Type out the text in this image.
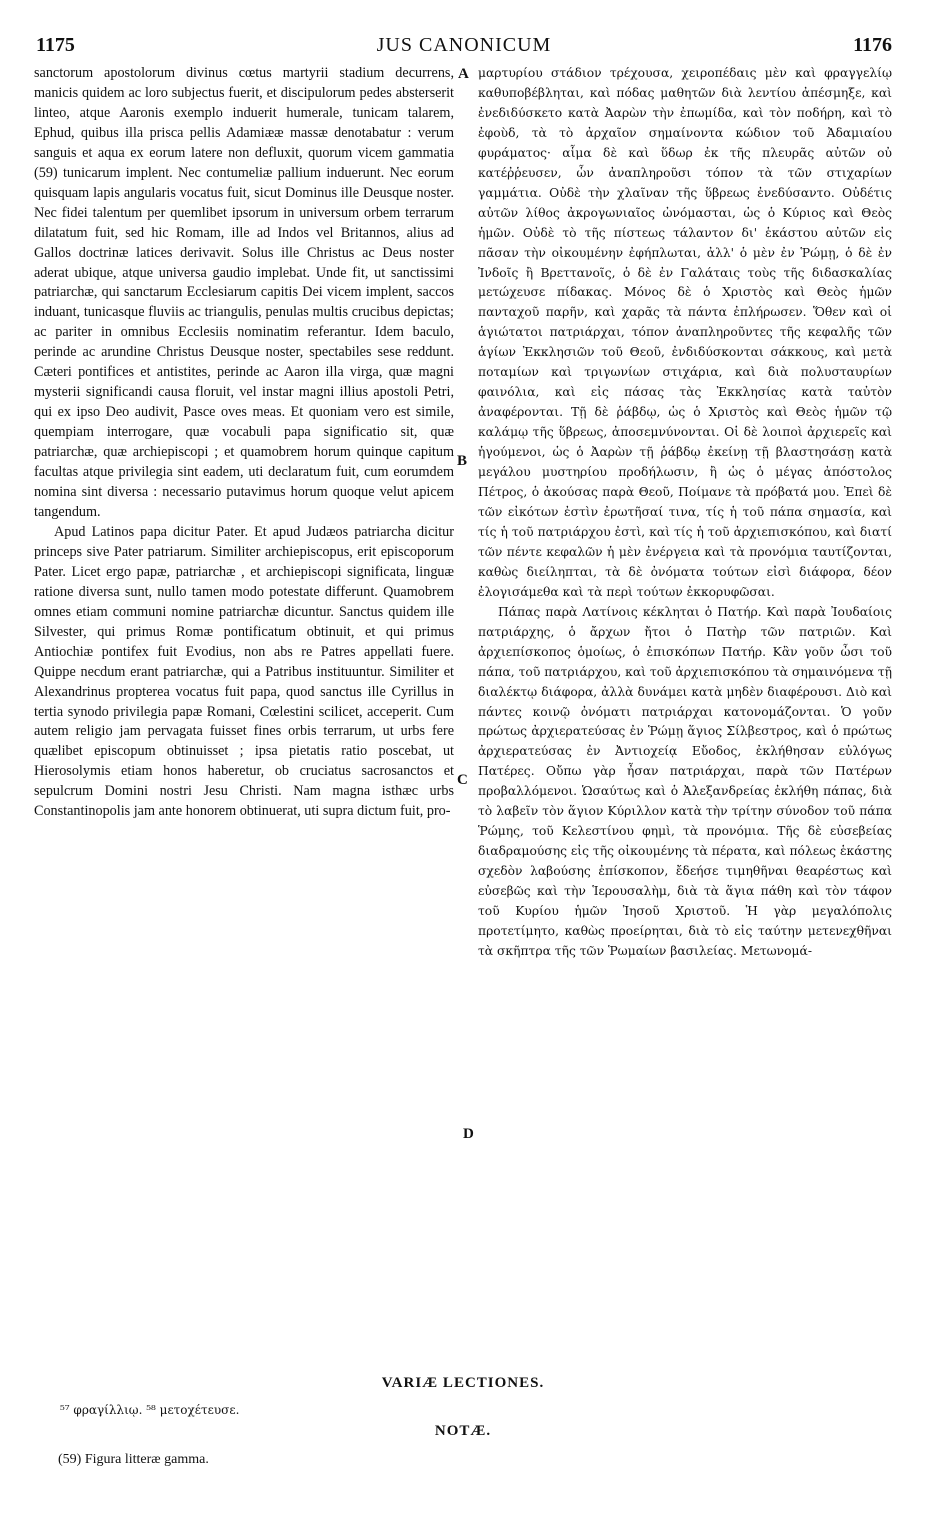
1175	JUS CANONICUM	1176

sanctorum apostolorum divinus cœtus martyrii stadium decurrens, manicis quidem ac loro subjectus fuerit, et discipulorum pedes absterserit linteo, atque Aaronis exemplo induerit humerale, tunicam talarem, Ephud, quibus illa prisca pellis Adamiææ massæ denotabatur : verum sanguis et aqua ex eorum latere non defluxit, quorum vicem gammatia (59) tunicarum implent. Nec contumeliæ pallium induerunt. Nec eorum quisquam lapis angularis vocatus fuit, sicut Dominus ille Deusque noster. Nec fidei talentum per quemlibet ipsorum in universum orbem terrarum dilatatum fuit, sed hic Romam, ille ad Indos vel Britannos, alius ad Gallos doctrinæ latices derivavit. Solus ille Christus ac Deus noster aderat ubique, atque universa gaudio implebat. Unde fit, ut sanctissimi patriarchæ, qui sanctarum Ecclesiarum capitis Dei vicem implent, saccos induant, tunicasque fluviis ac triangulis, penulas multis crucibus depictas; ac pariter in omnibus Ecclesiis nominatim referantur. Idem baculo, perinde ac arundine Christus Deusque noster, spectabiles sese reddunt. Cæteri pontifices et antistites, perinde ac Aaron illa virga, quæ magni mysterii significandi causa floruit, vel instar magni illius apostoli Petri, qui ex ipso Deo audivit, Pasce oves meas. Et quoniam vero est simile, quempiam interrogare, quæ vocabuli papa significatio sit, quæ patriarchæ, quæ archiepiscopi ; et quamobrem horum quinque capitum facultas atque privilegia sint eadem, uti declaratum fuit, cum eorumdem nomina sint diversa : necessario putavimus horum quoque velut apicem tangendum.

Apud Latinos papa dicitur Pater. Et apud Judæos patriarcha dicitur princeps sive Pater patriarum. Similiter archiepiscopus, erit episcoporum Pater. Licet ergo papæ, patriarchæ , et archiepiscopi significata, linguæ ratione diversa sunt, nullo tamen modo potestate differunt. Quamobrem omnes etiam communi nomine patriarchæ dicuntur. Sanctus quidem ille Silvester, qui primus Romæ pontificatum obtinuit, et qui primus Antiochiæ pontifex fuit Evodius, non abs re Patres appellati fuere. Quippe necdum erant patriarchæ, qui a Patribus instituuntur. Similiter et Alexandrinus propterea vocatus fuit papa, quod sanctus ille Cyrillus in tertia synodo privilegia papæ Romani, Cœlestini scilicet, acceperit. Cum autem religio jam pervagata fuisset fines orbis terrarum, ut urbs fere quælibet episcopum obtinuisset ; ipsa pietatis ratio poscebat, ut Hierosolymis etiam honos haberetur, ob cruciatus sacrosanctos et sepulcrum Domini nostri Jesu Christi. Nam magna isthæc urbs Constantinopolis jam ante honorem obtinuerat, uti supra dictum fuit, pro-

A
B
C
D

μαρτυρίου στάδιον τρέχουσα, χειροπέδαις μὲν καὶ φραγγελίῳ καθυποβέβληται, καὶ πόδας μαθητῶν διὰ λεντίου ἀπέσμηξε, καὶ ἐνεδιδύσκετο κατὰ Ἀαρὼν τὴν ἐπωμίδα, καὶ τὸν ποδήρη, καὶ τὸ ἐφοὺδ, τὰ τὸ ἀρχαῖον σημαίνοντα κώδιον τοῦ Ἀδαμιαίου φυράματος· αἷμα δὲ καὶ ὕδωρ ἐκ τῆς πλευρᾶς αὐτῶν οὐ κατέῤῥευσεν, ὧν ἀναπληροῦσι τόπον τὰ τῶν στιχαρίων γαμμάτια. Οὐδὲ τὴν χλαῖναν τῆς ὕβρεως ἐνεδύσαντο. Οὐδέτις αὐτῶν λίθος ἀκρογωνιαῖος ὠνόμασται, ὡς ὁ Κύριος καὶ Θεὸς ἡμῶν. Οὐδὲ τὸ τῆς πίστεως τάλαντον δι' ἑκάστου αὐτῶν εἰς πᾶσαν τὴν οἰκουμένην ἐφήπλωται, ἀλλ' ὁ μὲν ἐν Ῥώμῃ, ὁ δὲ ἐν Ἰνδοῖς ἢ Βρεττανοῖς, ὁ δὲ ἐν Γαλάταις τοὺς τῆς διδασκαλίας μετώχευσε πίδακας. Μόνος δὲ ὁ Χριστὸς καὶ Θεὸς ἡμῶν πανταχοῦ παρῆν, καὶ χαρᾶς τὰ πάντα ἐπλήρωσεν. Ὅθεν καὶ οἱ ἁγιώτατοι πατριάρχαι, τόπον ἀναπληροῦντες τῆς κεφαλῆς τῶν ἁγίων Ἐκκλησιῶν τοῦ Θεοῦ, ἐνδιδύσκονται σάκκους, καὶ μετὰ ποταμίων καὶ τριγωνίων στιχάρια, καὶ διὰ πολυσταυρίων φαινόλια, καὶ εἰς πάσας τὰς Ἐκκλησίας κατὰ ταὐτὸν ἀναφέρονται. Τῇ δὲ ῥάβδῳ, ὡς ὁ Χριστὸς καὶ Θεὸς ἡμῶν τῷ καλάμῳ τῆς ὕβρεως, ἀποσεμνύνονται. Οἱ δὲ λοιποὶ ἀρχιερεῖς καὶ ἡγούμενοι, ὡς ὁ Ἀαρὼν τῇ ῥάβδῳ ἐκείνῃ τῇ βλαστησάσῃ κατὰ μεγάλου μυστηρίου προδήλωσιν, ἢ ὡς ὁ μέγας ἀπόστολος Πέτρος, ὁ ἀκούσας παρὰ Θεοῦ, Ποίμανε τὰ πρόβατά μου. Ἐπεὶ δὲ τῶν εἰκότων ἐστὶν ἐρωτῆσαί τινα, τίς ἡ τοῦ πάπα σημασία, καὶ τίς ἡ τοῦ πατριάρχου ἐστὶ, καὶ τίς ἡ τοῦ ἀρχιεπισκόπου, καὶ διατί τῶν πέντε κεφαλῶν ἡ μὲν ἐνέργεια καὶ τὰ προνόμια ταυτίζονται, καθὼς διείληπται, τὰ δὲ ὀνόματα τούτων εἰσὶ διάφορα, δέον ἐλογισάμεθα καὶ τὰ περὶ τούτων ἐκκορυφῶσαι.

Πάπας παρὰ Λατίνοις κέκληται ὁ Πατήρ. Καὶ παρὰ Ἰουδαίοις πατριάρχης, ὁ ἄρχων ἤτοι ὁ Πατὴρ τῶν πατριῶν. Καὶ ἀρχιεπίσκοπος ὁμοίως, ὁ ἐπισκόπων Πατήρ. Κἂν γοῦν ὦσι τοῦ πάπα, τοῦ πατριάρχου, καὶ τοῦ ἀρχιεπισκόπου τὰ σημαινόμενα τῇ διαλέκτῳ διάφορα, ἀλλὰ δυνάμει κατὰ μηδὲν διαφέρουσι. Διὸ καὶ πάντες κοινῷ ὀνόματι πατριάρχαι κατονομάζονται. Ὁ γοῦν πρώτως ἀρχιερατεύσας ἐν Ῥώμῃ ἅγιος Σίλβεστρος, καὶ ὁ πρώτως ἀρχιερατεύσας ἐν Ἀντιοχείᾳ Εὔοδος, ἐκλήθησαν εὐλόγως Πατέρες. Οὔπω γὰρ ἦσαν πατριάρχαι, παρὰ τῶν Πατέρων προβαλλόμενοι. Ὡσαύτως καὶ ὁ Ἀλεξανδρείας ἐκλήθη πάπας, διὰ τὸ λαβεῖν τὸν ἅγιον Κύριλλον κατὰ τὴν τρίτην σύνοδον τοῦ πάπα Ῥώμης, τοῦ Κελεστίνου φημὶ, τὰ προνόμια. Τῆς δὲ εὐσεβείας διαδραμούσης εἰς τῆς οἰκουμένης τὰ πέρατα, καὶ πόλεως ἑκάστης σχεδὸν λαβούσης ἐπίσκοπον, ἔδεήσε τιμηθῆναι θεαρέστως καὶ εὐσεβῶς καὶ τὴν Ἱερουσαλὴμ, διὰ τὰ ἅγια πάθη καὶ τὸν τάφον τοῦ Κυρίου ἡμῶν Ἰησοῦ Χριστοῦ. Ἡ γὰρ μεγαλόπολις προτετίμητο, καθὼς προείρηται, διὰ τὸ εἰς ταύτην μετενεχθῆναι τὰ σκῆπτρα τῆς τῶν Ῥωμαίων βασιλείας. Μετωνομά-

VARIÆ LECTIONES.
⁵⁷ φραγίλλιῳ. ⁵⁸ μετοχέτευσε.
NOTÆ.
(59) Figura litteræ gamma.
